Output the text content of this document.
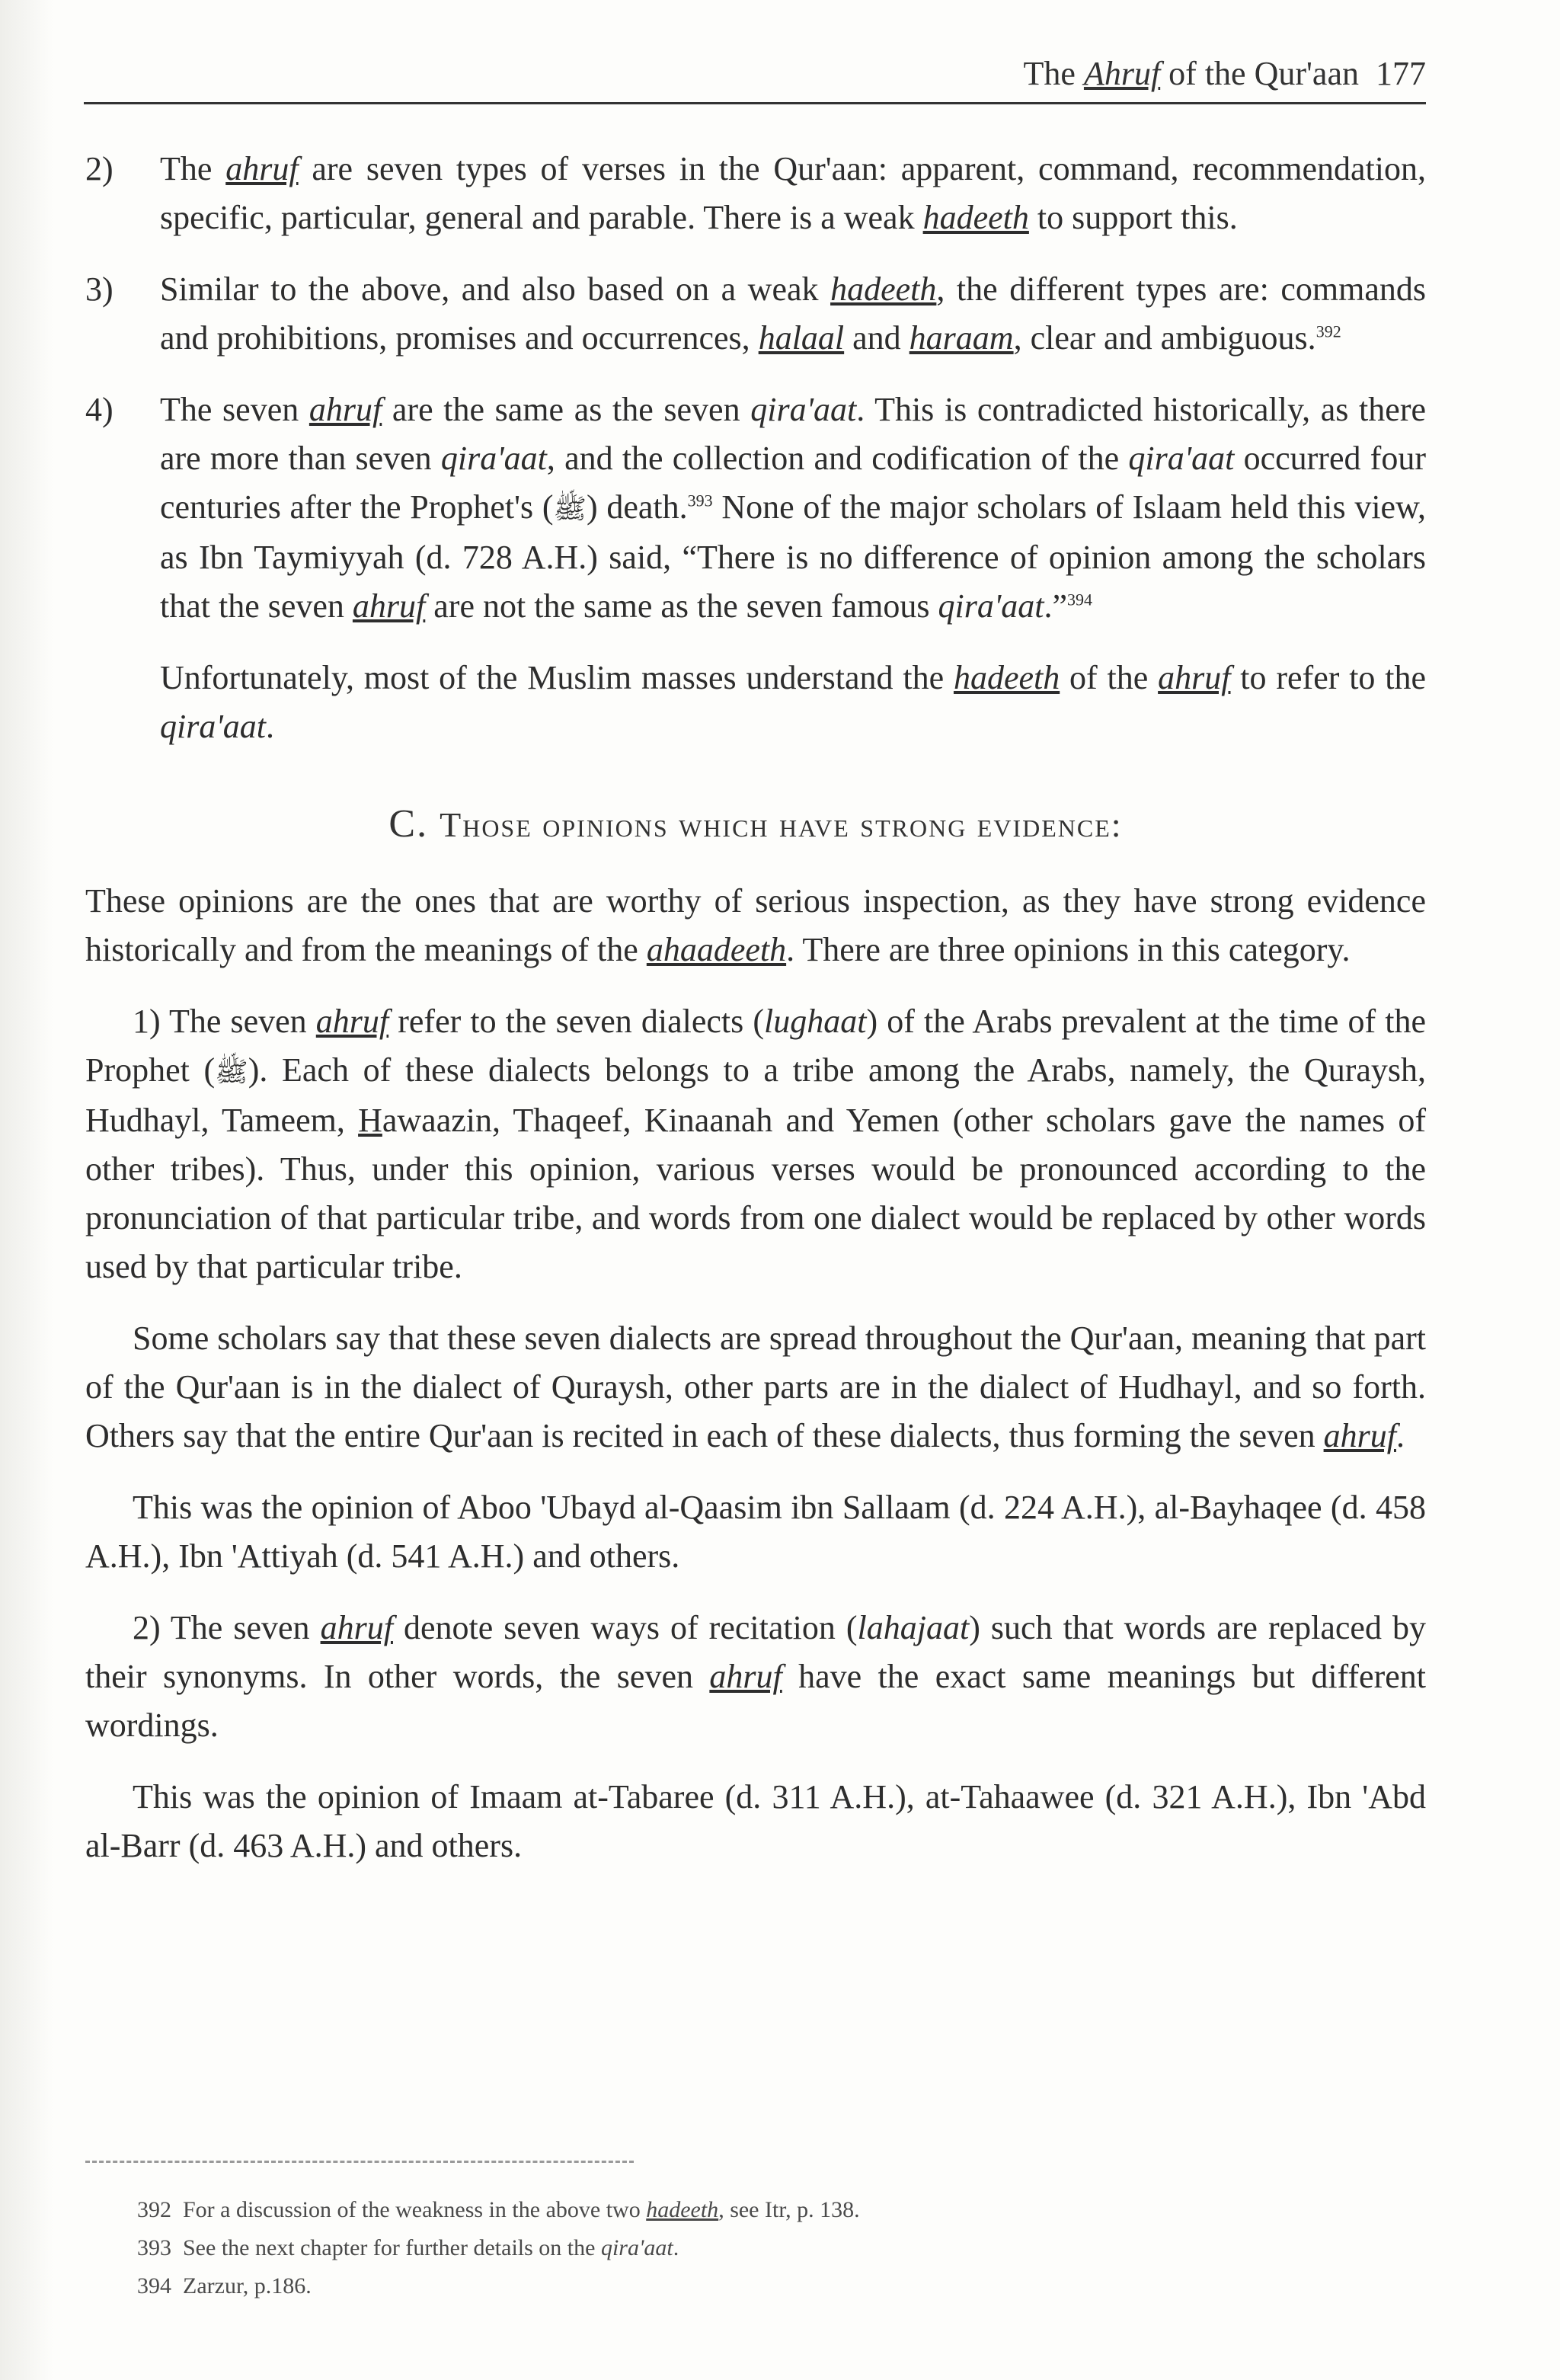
The Ahruf of the Qur'aan 177

2) The ahruf are seven types of verses in the Qur'aan: apparent, command, recommendation, specific, particular, general and parable. There is a weak hadeeth to support this.

3) Similar to the above, and also based on a weak hadeeth, the different types are: commands and prohibitions, promises and occurrences, halaal and haraam, clear and ambiguous.$^{392}$

4) The seven ahruf are the same as the seven qira'aat. This is contradicted historically, as there are more than seven qira'aat, and the collection and codification of the qira'aat occurred four centuries after the Prophet's (ﷺ) death.$^{393}$ None of the major scholars of Islaam held this view, as Ibn Taymiyyah (d. 728 A.H.) said, “There is no difference of opinion among the scholars that the seven ahruf are not the same as the seven famous qira'aat.”$^{394}$

Unfortunately, most of the Muslim masses understand the hadeeth of the ahruf to refer to the qira'aat.

C. Those opinions which have strong evidence:

These opinions are the ones that are worthy of serious inspection, as they have strong evidence historically and from the meanings of the ahaadeeth. There are three opinions in this category.

1) The seven ahruf refer to the seven dialects (lughaat) of the Arabs prevalent at the time of the Prophet (ﷺ). Each of these dialects belongs to a tribe among the Arabs, namely, the Quraysh, Hudhayl, Tameem, Hawaazin, Thaqeef, Kinaanah and Yemen (other scholars gave the names of other tribes). Thus, under this opinion, various verses would be pronounced according to the pronunciation of that particular tribe, and words from one dialect would be replaced by other words used by that particular tribe.

Some scholars say that these seven dialects are spread throughout the Qur'aan, meaning that part of the Qur'aan is in the dialect of Quraysh, other parts are in the dialect of Hudhayl, and so forth. Others say that the entire Qur'aan is recited in each of these dialects, thus forming the seven ahruf.

This was the opinion of Aboo 'Ubayd al-Qaasim ibn Sallaam (d. 224 A.H.), al-Bayhaqee (d. 458 A.H.), Ibn 'Attiyah (d. 541 A.H.) and others.

2) The seven ahruf denote seven ways of recitation (lahajaat) such that words are replaced by their synonyms. In other words, the seven ahruf have the exact same meanings but different wordings.

This was the opinion of Imaam at-Tabaree (d. 311 A.H.), at-Tahaawee (d. 321 A.H.), Ibn 'Abd al-Barr (d. 463 A.H.) and others.

392 For a discussion of the weakness in the above two hadeeth, see Itr, p. 138.

393 See the next chapter for further details on the qira'aat.

394 Zarzur, p.186.
